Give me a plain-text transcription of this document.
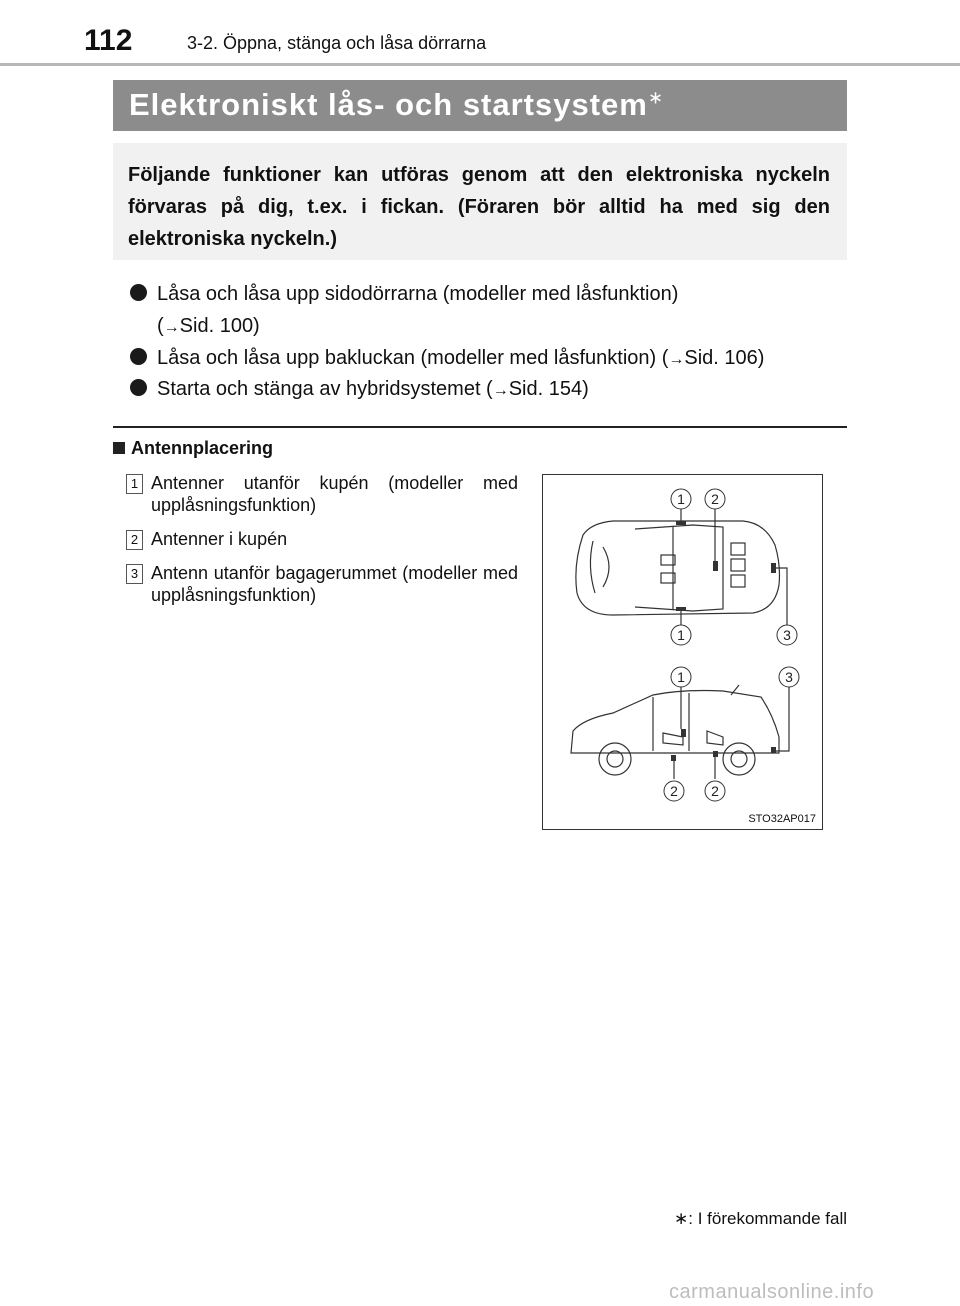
112	3-2. Öppna, stänga och låsa dörrarna
Elektroniskt lås- och startsystem∗
Följande funktioner kan utföras genom att den elektroniska nyckeln förvaras på dig, t.ex. i fickan. (Föraren bör alltid ha med sig den elektroniska nyckeln.)
Låsa och låsa upp sidodörrarna (modeller med låsfunktion)
(→Sid. 100)
Låsa och låsa upp bakluckan (modeller med låsfunktion) (→Sid. 106)
Starta och stänga av hybridsystemet (→Sid. 154)
Antennplacering
1 Antenner utanför kupén (modeller med upplåsningsfunktion)
2 Antenner i kupén
3 Antenn utanför bagagerummet (modeller med upplåsningsfunktion)
1 2
1	3
1	3
2 2
STO32AP017
∗: I förekommande fall
carmanualsonline.info
